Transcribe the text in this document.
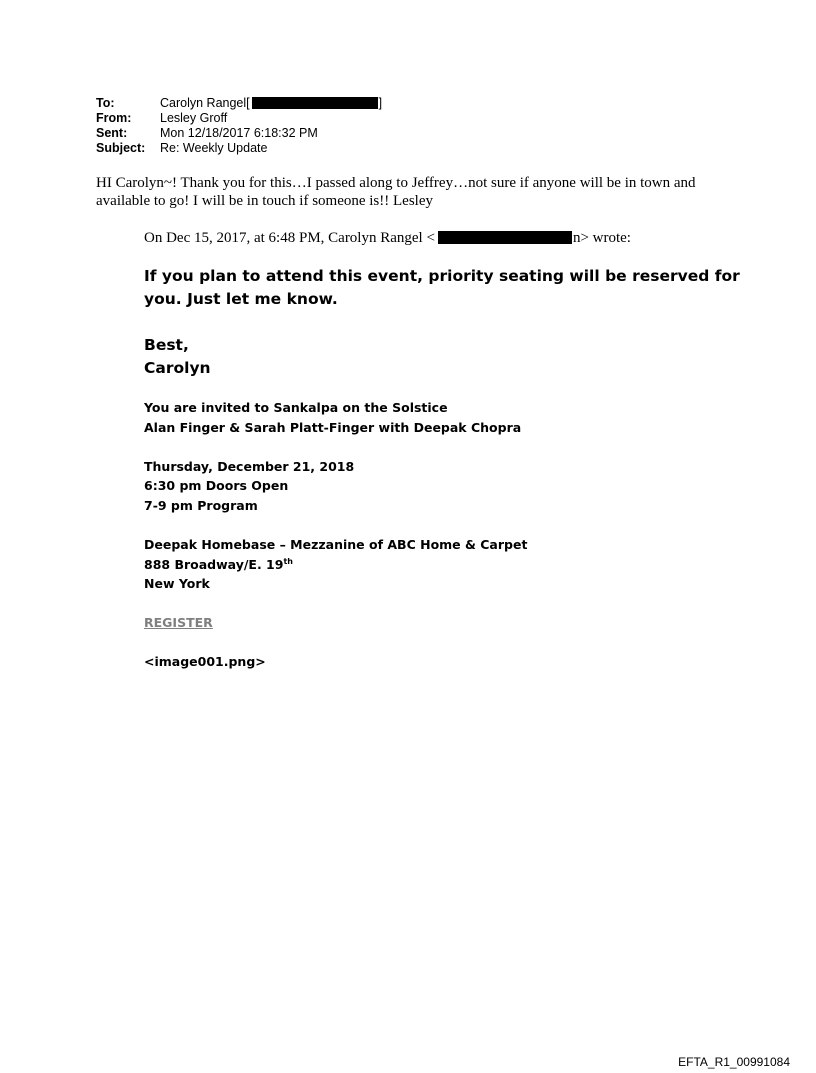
To:	Carolyn Rangel[	]
From:	Lesley Groff
Sent:	Mon 12/18/2017 6:18:32 PM
Subject:	Re: Weekly Update
HI Carolyn~! Thank you for this…I passed along to Jeffrey…not sure if anyone will be in town and available to go! I will be in touch if someone is!! Lesley
On Dec 15, 2017, at 6:48 PM, Carolyn Rangel <	n> wrote:
If you plan to attend this event, priority seating will be reserved for
you. Just let me know.
Best,
Carolyn
You are invited to Sankalpa on the Solstice
Alan Finger & Sarah Platt-Finger with Deepak Chopra
Thursday, December 21, 2018
6:30 pm Doors Open
7-9 pm Program
Deepak Homebase – Mezzanine of ABC Home & Carpet
888 Broadway/E. 19th
New York
REGISTER
<image001.png>
EFTA_R1_00991084
